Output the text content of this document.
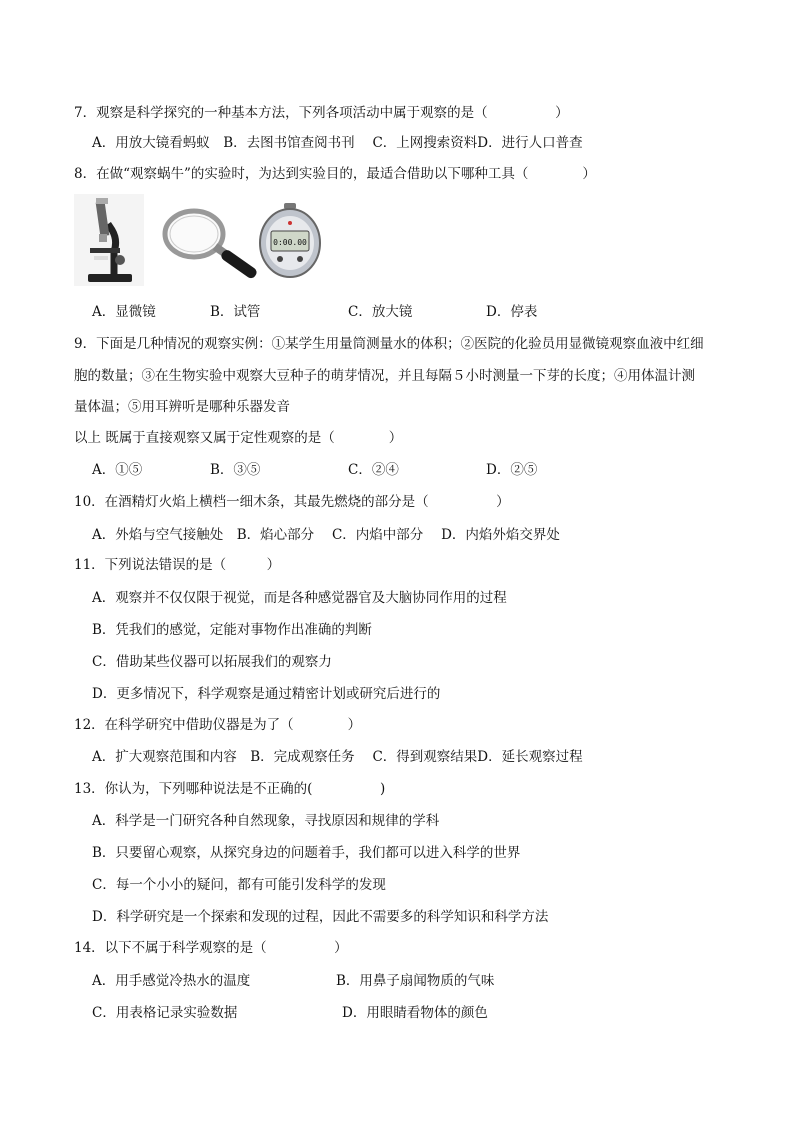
7．观察是科学探究的一种基本方法，下列各项活动中属于观察的是（　　　　　）
A．用放大镜看蚂蚁　B．去图书馆查阅书刊　 C．上网搜索资料D．进行人口普查
8．在做“观察蜗牛”的实验时，为达到实验目的，最适合借助以下哪种工具（　　　　）
0:00.00
A．显微镜	B．试管	C．放大镜	D．停表
9．下面是几种情况的观察实例：①某学生用量筒测量水的体积；②医院的化验员用显微镜观察血液中红细
胞的数量；③在生物实验中观察大豆种子的萌芽情况，并且每隔５小时测量一下芽的长度；④用体温计测
量体温；⑤用耳辨听是哪种乐器发音
以上 既属于直接观察又属于定性观察的是（　　　　）
A．①⑤	B．③⑤	C．②④	D．②⑤
10．在酒精灯火焰上横档一细木条，其最先燃烧的部分是（　　　　　）
A．外焰与空气接触处　B．焰心部分　 C．内焰中部分　 D．内焰外焰交界处
11．下列说法错误的是（　　　）
A．观察并不仅仅限于视觉，而是各种感觉器官及大脑协同作用的过程
B．凭我们的感觉，定能对事物作出准确的判断
C．借助某些仪器可以拓展我们的观察力
D．更多情况下，科学观察是通过精密计划或研究后进行的
12．在科学研究中借助仪器是为了（　　　　）
A．扩大观察范围和内容　B．完成观察任务　 C．得到观察结果D．延长观察过程
13．你认为，下列哪种说法是不正确的(　　　　　)
A．科学是一门研究各种自然现象，寻找原因和规律的学科
B．只要留心观察，从探究身边的问题着手，我们都可以进入科学的世界
C．每一个小小的疑问，都有可能引发科学的发现
D．科学研究是一个探索和发现的过程，因此不需要多的科学知识和科学方法
14．以下不属于科学观察的是（　　　　　）
A．用手感觉冷热水的温度	B．用鼻子扇闻物质的气味
C．用表格记录实验数据	D．用眼睛看物体的颜色
